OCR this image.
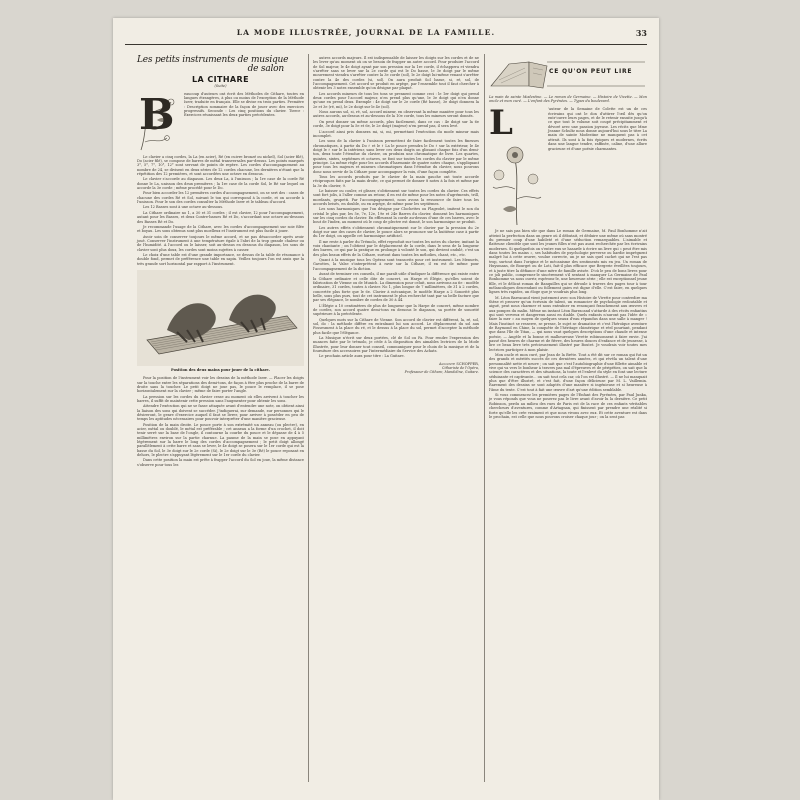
LA MODE ILLUSTRÉE, JOURNAL DE LA FAMILLE.	33
Les petits instruments de musique
de salon
LA CITHARE
(Suite)
B	eaucoup d'auteurs ont écrit des Méthodes de Cithare, toutes en langues étrangères, à plus ou moins de l'exception de la Méthode Iserr, traduite en français. Elle se divise en trois parties. Première : Description sommaire de la façon de jouer avec des exercices progressifs. Seconde : Les cinq positions du clavier. Tierce : Exercices réunissant les deux parties précédentes.

Le clavier a cinq cordes, la La (en acier), Ré (en cuivre bronzé ou nickel), Sol (acier filé), Do (acier filé), se compose de barres de métal transversales par-dessus. Les points marqués 3°, 5°, 7°, 10°, 12° sont servant de points de repère. Les cordes d'accompagnement au nombre de 24, se divisent en deux séries de 12 cordes chacune, les dernières n'étant que la répétition des 12 premières, et sont accordées une octave en dessous.

Le clavier s'accorde au diapason. Les deux La, à l'unisson ; la 1re case de la corde Ré donne le La, unisson des deux premières ; la 1re case de la corde Sol, le Ré sur lequel on accorde la 3e corde ; même procédé pour le Do.

Pour bien accorder les 12 premières cordes d'accompagnement, on se sert des : cases de chacune des cordes Ré et Sol, suivant le ton qui correspond à la corde, et on accorde à l'unisson. Pour le son des cordes consulter la Méthode Iserr et le tableau d'accord.

Les 12 Basses sont à une octave au-dessous.

La Cithare ordinaire no 1, a 30 et 31 cordes ; il est clavier, 12 pour l'accompagnement, autant pour les Basses, et deux Contre-basses Ré et Do, s'accordant une octave au-dessous des Basses Ré et Do.

Je recommande l'usage de la Cithare, avec les cordes d'accompagnement sur soie filée et boyau. Les sons obtenus sont plus moelleux et l'instrument est plus facile à jouer.

Avoir soin de conserver toujours le même accord, et ne pas désaccorder après avoir joué. Conserver l'instrument à une température égale à l'abri de la trop grande chaleur ou de l'humidité. A l'accord ou le laisser, soit au-dessus en dessous du diapason, les sons de clavier sont plus doux, les cordes sont moins sujettes à casser.

Le choix d'une table est d'une grande importance, se dessus de la table de résonance à double fond, permet de préférence une table en sapin. Veillez toujours l'on est assis que la très grande sort horizontal par rapport à l'instrument.

Position des deux mains pour jouer de la cithare.

Pour la position de l'instrument voir les dessins de la méthode Iserr. — Placer les doigts sur la touche entre les séparations des demi-tons, de façon à être plus proche de la barre de droite sans la toucher. Le petit doigt ne joue pas, le pouce le remplace, il se pose horizontalement sur la clavier ; même de faire porter l'angle.

La pression sur les cordes du clavier cesse au moment où elles arrivent à toucher les barres, il suffit de maintenir cette pression sans l'augmenter pour obtenir les sons.

Attendre l'exécution qui ne se fasse attaquée avant d'entendre une note, on obtient ainsi la liaison des sons qui doivent se succéder. J'indiquerai, sur demande, sur personnes qui le désireront, le genre d'exercice auquel il faut se livrer, pour arriver à posséder en peu de temps les aptitudes nécessaires pour pouvoir interpréter d'une manière gracieuse.

Position de la main droite. Le pouce porte à son extrémité un anneau (ou plectre), en acier, métal ou doublé, le métal est préférable ; cet anneau a la forme d'un crochet, il doit tenir serré sur la base de l'ongle, il contourne la courbe du pouce et le dépasse de 4 à 5 millimètres environ sur la partie charnue. La paume de la main se pose en appuyant légèrement sur la barre le long des cordes d'accompagnement ; le petit doigt allongé parallèlement à cette barre et sans se lever, le 4e doigt se posera sur le 1er corde qui est la basse du Sol, le 3e doigt sur le 2e corde (Si), le 2e doigt sur le 3e (Ré) le pouce reposant en dehors, le plectre s'appuyant légèrement sur le 1er corde du clavier.

Dans cette position la main est prête à frapper l'accord du Sol en joue, la même distance s'observe pour tous les

autres accords majeurs. Il est indispensable de laisser les doigts sur les cordes et de ne les lever qu'au moment où on se besoin de frapper un autre accord. Pour produire l'accord de Sol majeur, le 4e doigt ayant par son pression sur la 1re corde, il échappera et viendra s'arrêter sans se lever sur la 2e corde qui est le Do basse, le 3e doigt par le même mouvement viendra s'arrêter contre la 3e corde (sol), le 2e doigt lui-même venant s'arrêter contre la 4e des cordes (si, sol). On aura produit Sol basse, si, ré, sol, de l'accompagnement. Cet accord se produit en arpège, par l'ensemble tout il faut chercher à obtenir les 3 notes ensemble qu'on désigne par plaqué.

Les accords mineurs de tous les tons se prennent comme ceci : le 1er doigt qui prend deux cordes pour l'accord majeur, n'en prend plus qu'une, le 3e doigt qui n'en donne qu'une en prend deux. Exemple : 4e doigt sur le 2e corde (Ré basse), 3e doigt donnera la 2e et 3e (ré, mi), le 2e doigt sur le 4e (sol).

Nous aurons sol, si, ré, sol, accord mineur, en observant la même manière pour tous les autres accords, au-dessus et au-dessous de la 10e corde, tous les mineurs seront donnés.

On peut donner un même accords, plus facilement, dans ce cas : 4e doigt sur la 6e corde, 3e doigt pour la 5e et 6e, le 2e doigt (majeur) n'en prend pas, il sera levé.

L'accord ainsi pris donnera mi, si, mi, permettant l'exécution du mode mineur mais incomplet.

Les sons de la clavier à l'unisson permettent de faire facilement toutes les finesses chromatiques, à partir du Do ♯ et le ♯ La le pouce prendra le Do ♯ sur la extérieur, le 4e doigt le ♯ sur le la intérieur, sans lever ces deux doigts on glissant chaque fois d'un demi-ton, deux toute l'étendue du clavier, on produira une chromatique de livre. Les quartes, quintes, sixtes, septièmes et octaves, se font sur toutes les cordes du clavier par le même principe. La même règle pour les accords d'harmonie de quatre notes chaque, s'appliquant pour tous les majeurs et mineurs chromatiques dans l'étendue du clavier, nous pouvons donc nous servir de la Cithare pour accompagner la voix, d'une façon complète.

Tous les accords produits par le clavier de la main gauche ont toute accorde réciproques faits par la main droite, ce qui permet de donner 8 notes à la fois et même par la 3e du clavier, 9.

Le baisser ou couler, et glisser, s'obtiennent sur toutes les cordes du clavier. Ces effets sont fort jolis, à l'aller comme au retour, il en est de même pour les notes d'agréments, trill, mordants, grupetti. Par l'accompagnement, nous avons la ressource de faire tous les accords brisés, en double, ou en arpège, de même pour les septièmes.

Les sons harmoniques que l'on désigne par Clochettes ou Flageolet, imitent le son du cristal le plus pur, les 5e, 7e, 12e, 19e et 24e Barres du clavier, donnent les harmoniques sur les cinq cordes du clavier. En effleurant la corde au-dessus d'une de ces barres, avec le bout de l'index, au moment où le coup de plectre est donné, le son harmonique se produit.

Les autres effets s'obtiennent chromatiquement sur le clavier par la pression du 2e doigt sur une des cases de clavier, le pouce alors se prononce sur la huitième case à partir du 1er doigt, on appelle cet harmonique artificiel.

Il me reste à parler du Trémolo, effet reproduit sur toutes les notes du clavier, imitant la voix chantante ; on l'obtient par le déplacement de la corde, dans le sens de la longueur des barres, ce qui par la pratique en prolonge à volonté le son, qui devient ondulé, c'est un des plus beaux effets de la Cithare, surtout dans toutes les mélodies, chant, etc., etc.

Quant à la musique tous les Opéras sont transcrits pour cet instrument. Les Menuets, Gavottes, la Valse s'interprètent à ravir sur la Cithare, il en est de même pour l'accompagnement de la diction.

Avant de terminer ces conseils, il me paraît utile d'indiquer la différence qui existe entre la Cithare ordinaire et celle dite de concert, ou Harpe et Élégie, qu'elles soient de fabrication de Vienne ou de Munich. La dimension pour celuit, nous arrivons au 6e : modèle ordinaire, 31 cordes, toutes à clavier. No 1, plus longue de 7 millimètres, de 31 à 2 cordes, concertée plus forte que le 6e. Clavier à mécanique, le modèle Harpe a 2 Sonorité plus belle, sons plus purs, tout de cet instrument le plus recherché tant par sa belle facture que par ses élégance, le nombre de cordes de 30 à 44.

L'Élégie a 10 centimètres de plus de longueur que la Harpe de concert, même nombre de cordes, son accord quatre demi-tons en dessous le diapason, sa portée de sonorité supérieure à la précédente.

Quelques mots sur la Cithare de Vienne. Son accord de clavier est différent, la, ré, sol, sol, do : la méthode diffère en entraînant lui son accord. Le déplacement du sol aux Fossesment à la place du ré, et le dessus à la place du sol, permet d'accepter la méthode plus facile que l'élégance.

La Musique n'écrit sur deux portées, clé de Sol ou Fa. Pour rendre l'expression des nuances faite par le trémolo, je cède à la disposition des aimables lectrices de la Mode Illustrée, pour leur donner tout conseil, communiquer pour le choix de la musique et de la fourniture des accessoires par l'intermédiaire du Service des Achats.

Le prochain article aura pour titre : La Guitare.

Auguste SCHOPPER,
Cithariste de l'Opéra,
Professeur de Cithare, Mandoline, Guitare.
CE QU'ON PEUT LIRE
La main de sainte Modestine. — Le roman de Germaine. — Histoire de Vivette. — Mon oncle et mon curé. — L'enfant des Pyrénées. — Types du boulevard.
L	'auteur de la Semaine de Colette est un de ces écrivains qui ont le don d'attirer l'œil dès qu'on entr'ouvre leurs pages, et de le retenir ensuite jusqu'à ce que tout le volume soit coupé précipitamment et dévoré avec une passion joyeuse. Les récits que Mme Jeanne Schultz nous donne aujourd'hui sous le titre La main de sainte Modestine ne manquent pas à cet attrait. Ils sont à la fois épiques et modernes, écrits dans une langue tendre, raffinée, caline, d'une allure gracieuse et d'une poésie charmantes.

Je ne sais pas bien sûr que dans Le roman de Germaine, M. Paul Bonhomme n'ait atteint la perfection dans un genre où il débutait, et déduire une même où sans montré du premier coup d'une habileté et d'une séduction remarquables. L'aimable et flatteuse clientèle que sont les jeunes filles n'est pas aussi recherchée par les écrivains modernes. Si quelquefois on s'entre eux se hasarde à écrire un livre qui « peut être mis dans toutes les mains », ses habitudes de psychologie perverse ou hardie imprègnent malgré lui à cette œuvre, voulue correcte, un je ne sais quel cachet qui ne l'est pas trop, surtout dans l'origine et le mécanisme des sentiments mis en jeu. Un roman de Huysmans, de Bourget ou de Loti, fait-il plus efficace que Bergerie éveillées toujours, et à juste titre la défiance d'une mère de famille avisée. D'où le peu de bons livres pour ce joli public, comprenez-le sincèrement s'il sentant à manquer La Germaine de Paul Bonhomme va nous ouvrir, espérons-le, une heureuse série ; elle est exceptionnel jeune fille, et le délicat roman de Banquilles qui se déroule à travers des pages tour à tour mélancoliques descendant ou follement gaies est digne d'elle. C'est faire, en quelques lignes très rapides, un éloge que je voudrais plus long.

M. Léon Barracand vient justement avec son Histoire de Vivette pour contredire ma thèse et prouver qu'un écrivain de talent, un romancier de psychologie redoutable et aiguë, peut nous charmer et nous entraîner en renonçant franchement aux œuvres et aux pompes du malin. Même un instant Léon Barracand s'attarde à des récits enfantins qui sont verveux et dangereux aussi en diable. Quels enfants n'auront pas l'idée de « faire la mer » au moyen de quelques seaux d'eau répandus dans une salle à manger ! Mais l'instinct se resserre, se presse, le sujet se dramatise et c'est l'héroïque aventure de Raymond en Chine, la conquête de l'héritage chimérique et réel pourtant, pendant que dans l'île de Titan, — qui nous vaut quelques descriptions d'une chaude et intense poésie, — Angèle et la bonne et malheureuse Vivette robinsonnent à faire envie. J'ai passé des heures de charme et de fièvre, des heures douces d'enfance et de jeunesse, à lire ce beau livre très précieusement illustré par Boutet. Je voudrais voir toutes mes lectrices participer à mon plaisir.

Mon oncle et mon curé, par Jean de la Brète. Tout a été dit sur ce roman qui fut un des grands et mérités succès de ces dernières années, et qui révéla un talent d'une personnalité nette et neuve ; on sait que c'est l'autobiographie d'une fillette aimable et vive qui va vers le bonheur à travers pas mal d'épreuves et de péripéties, on sait que la science des caractères et des situations, la toute et l'enlevé du style en font une lecture séduisante et captivante... on sait tout cela car, où l'on est illustré. — Il ne lui manquait plus que d'être illustré, et c'est fait, d'une façon délicieuse par M. L. Vaillemin. Rarement des dessins se sont adaptés d'une manière si ingénieuse et si heureuse à l'âme du texte. C'est tout à fait une œuvre d'art qu'une édition semblable.

Si vous commencez les premières pages de l'Enfant des Pyrénées, par Paul Junka, je vous réponds que vous ne poserez pas le livre avant d'avoir lu la dernière. Ce petit Robinson, perdu au milieu des rues de Paris est de la race de ces enfants véritables chercheurs d'aventures, comme d'Artagnan, qui finissent par prendre une réalité si forte qu'elle les crée vraiment et que nous vivons avec eux. Et cette aventure est dans le prochain, est celle que nous pouvons croiser chaque jour ; on la sent pas
